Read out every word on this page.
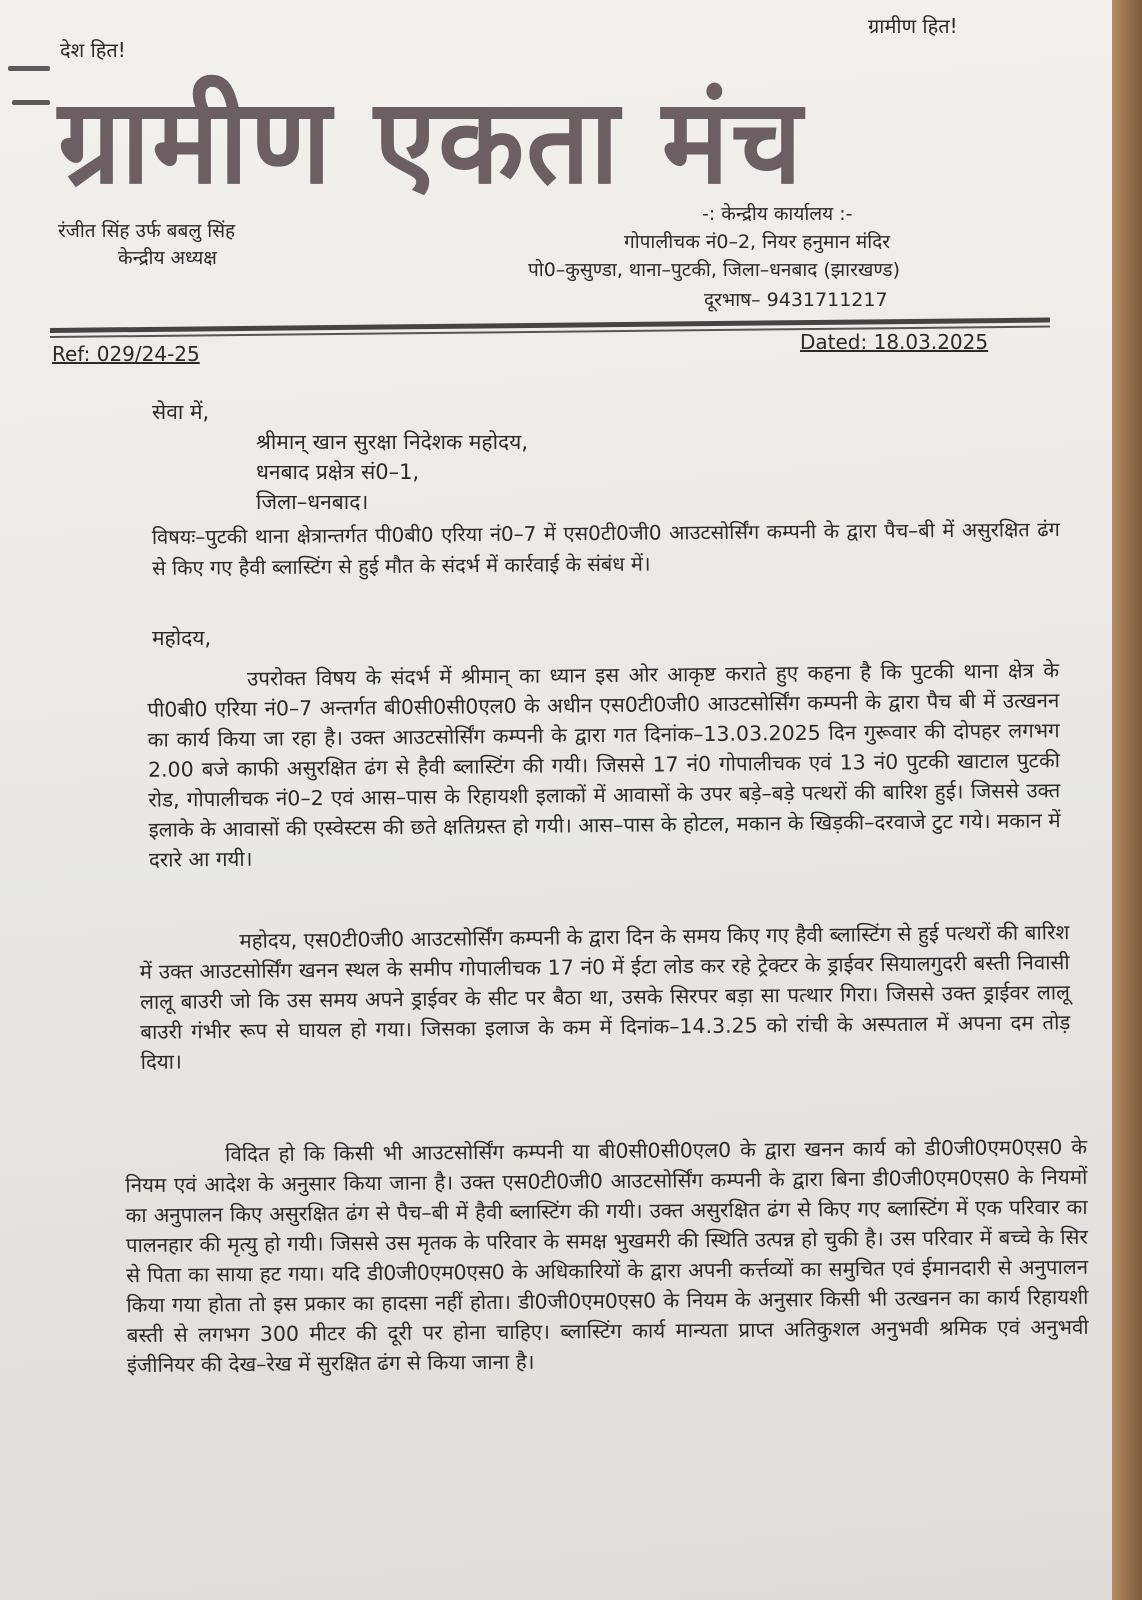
देश हित!
ग्रामीण हित!
ग्रामीण एकता मंच
रंजीत सिंह उर्फ बबलु सिंह
केन्द्रीय अध्यक्ष
-: केन्द्रीय कार्यालय :-
गोपालीचक नं0–2, नियर हनुमान मंदिर
पो0–कुसुण्डा, थाना–पुटकी, जिला–धनबाद (झारखण्ड)
दूरभाष– 9431711217
Ref: 029/24-25	Dated: 18.03.2025
सेवा में,
श्रीमान् खान सुरक्षा निदेशक महोदय,
धनबाद प्रक्षेत्र सं0–1,
जिला–धनबाद।

विषयः–पुटकी थाना क्षेत्रान्तर्गत पी0बी0 एरिया नं0–7 में एस0टी0जी0 आउटसोर्सिंग कम्पनी के द्वारा पैच–बी में असुरक्षित ढंग से किए गए हैवी ब्लास्टिंग से हुई मौत के संदर्भ में कार्रवाई के संबंध में।

महोदय,

उपरोक्त विषय के संदर्भ में श्रीमान् का ध्यान इस ओर आकृष्ट कराते हुए कहना है कि पुटकी थाना क्षेत्र के पी0बी0 एरिया नं0–7 अन्तर्गत बी0सी0सी0एल0 के अधीन एस0टी0जी0 आउटसोर्सिंग कम्पनी के द्वारा पैच बी में उत्खनन का कार्य किया जा रहा है। उक्त आउटसोर्सिंग कम्पनी के द्वारा गत दिनांक–13.03.2025 दिन गुरूवार की दोपहर लगभग 2.00 बजे काफी असुरक्षित ढंग से हैवी ब्लास्टिंग की गयी। जिससे 17 नं0 गोपालीचक एवं 13 नं0 पुटकी खाटाल पुटकी रोड, गोपालीचक नं0–2 एवं आस–पास के रिहायशी इलाकों में आवासों के उपर बड़े–बड़े पत्थरों की बारिश हुई। जिससे उक्त इलाके के आवासों की एस्वेस्टस की छते क्षतिग्रस्त हो गयी। आस–पास के होटल, मकान के खिड़की–दरवाजे टुट गये। मकान में दरारे आ गयी।

महोदय, एस0टी0जी0 आउटसोर्सिंग कम्पनी के द्वारा दिन के समय किए गए हैवी ब्लास्टिंग से हुई पत्थरों की बारिश में उक्त आउटसोर्सिंग खनन स्थल के समीप गोपालीचक 17 नं0 में ईटा लोड कर रहे ट्रेक्टर के ड्राईवर सियालगुदरी बस्ती निवासी लालू बाउरी जो कि उस समय अपने ड्राईवर के सीट पर बैठा था, उसके सिरपर बड़ा सा पत्थार गिरा। जिससे उक्त ड्राईवर लालू बाउरी गंभीर रूप से घायल हो गया। जिसका इलाज के कम में दिनांक–14.3.25 को रांची के अस्पताल में अपना दम तोड़ दिया।

विदित हो कि किसी भी आउटसोर्सिंग कम्पनी या बी0सी0सी0एल0 के द्वारा खनन कार्य को डी0जी0एम0एस0 के नियम एवं आदेश के अनुसार किया जाना है। उक्त एस0टी0जी0 आउटसोर्सिंग कम्पनी के द्वारा बिना डी0जी0एम0एस0 के नियमों का अनुपालन किए असुरक्षित ढंग से पैच–बी में हैवी ब्लास्टिंग की गयी। उक्त असुरक्षित ढंग से किए गए ब्लास्टिंग में एक परिवार का पालनहार की मृत्यु हो गयी। जिससे उस मृतक के परिवार के समक्ष भुखमरी की स्थिति उत्पन्न हो चुकी है। उस परिवार में बच्चे के सिर से पिता का साया हट गया। यदि डी0जी0एम0एस0 के अधिकारियों के द्वारा अपनी कर्त्तव्यों का समुचित एवं ईमानदारी से अनुपालन किया गया होता तो इस प्रकार का हादसा नहीं होता। डी0जी0एम0एस0 के नियम के अनुसार किसी भी उत्खनन का कार्य रिहायशी बस्ती से लगभग 300 मीटर की दूरी पर होना चाहिए। ब्लास्टिंग कार्य मान्यता प्राप्त अतिकुशल अनुभवी श्रमिक एवं अनुभवी इंजीनियर की देख–रेख में सुरक्षित ढंग से किया जाना है।
